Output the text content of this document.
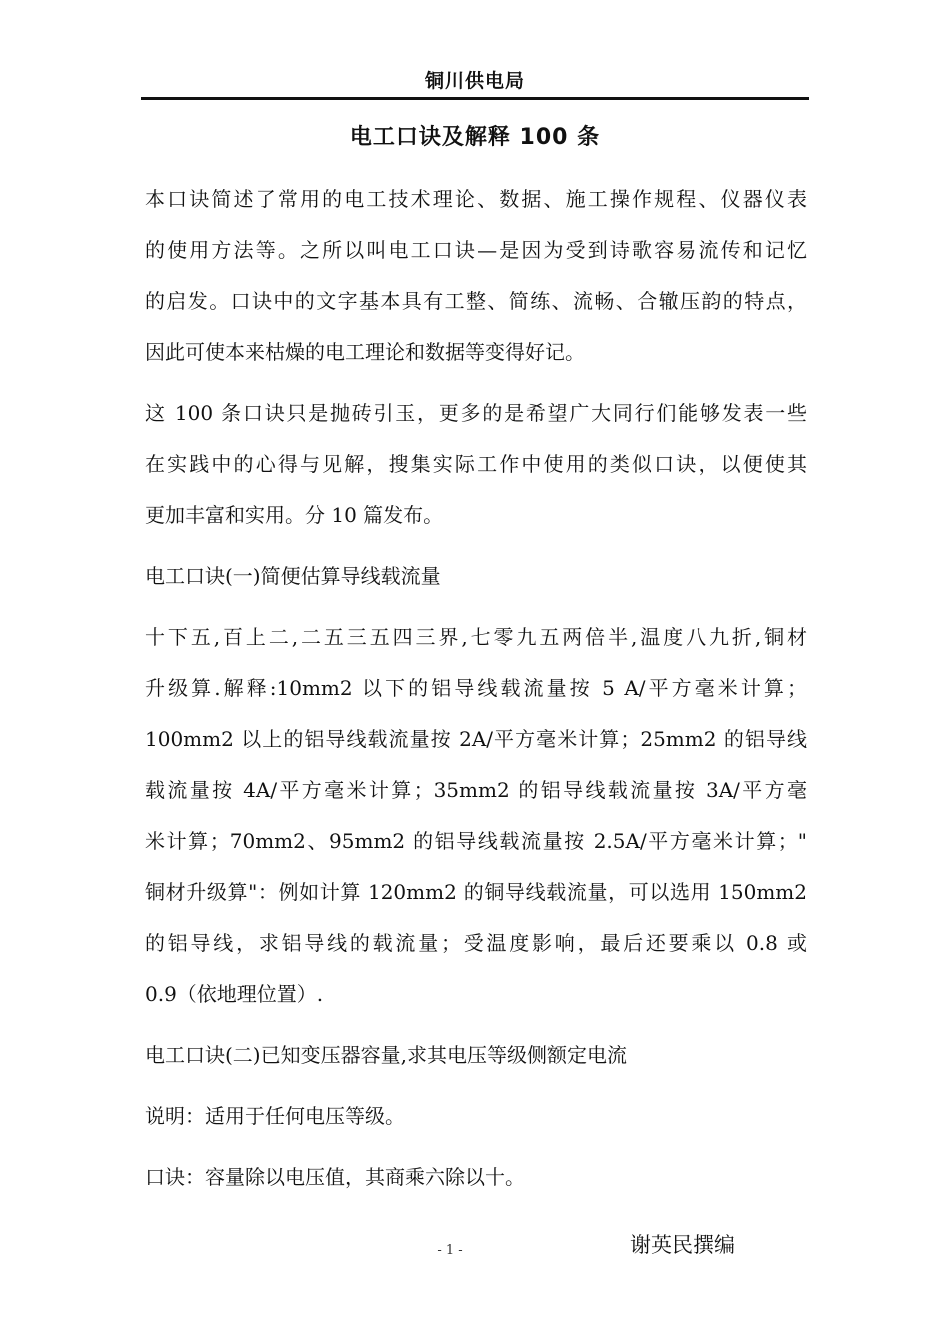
铜川供电局
电工口诀及解释 100 条
本口诀简述了常用的电工技术理论、数据、施工操作规程、仪器仪表
的使用方法等。之所以叫电工口诀—是因为受到诗歌容易流传和记忆
的启发。口诀中的文字基本具有工整、简练、流畅、合辙压韵的特点，
因此可使本来枯燥的电工理论和数据等变得好记。
这 100 条口诀只是抛砖引玉，更多的是希望广大同行们能够发表一些
在实践中的心得与见解，搜集实际工作中使用的类似口诀，以便使其
更加丰富和实用。分 10 篇发布。
电工口诀(一)简便估算导线载流量
十下五,百上二,二五三五四三界,七零九五两倍半,温度八九折,铜材
升级算.解释:10mm2 以下的铝导线载流量按 5 A/平方毫米计算；
100mm2 以上的铝导线载流量按 2A/平方毫米计算；25mm2 的铝导线
载流量按 4A/平方毫米计算；35mm2 的铝导线载流量按 3A/平方毫
米计算；70mm2、95mm2 的铝导线载流量按 2.5A/平方毫米计算；"
铜材升级算"：例如计算 120mm2 的铜导线载流量，可以选用 150mm2
的铝导线，求铝导线的载流量；受温度影响，最后还要乘以 0.8 或
0.9（依地理位置）.
电工口诀(二)已知变压器容量,求其电压等级侧额定电流
说明：适用于任何电压等级。
口诀：容量除以电压值，其商乘六除以十。
- 1 -	谢英民撰编
